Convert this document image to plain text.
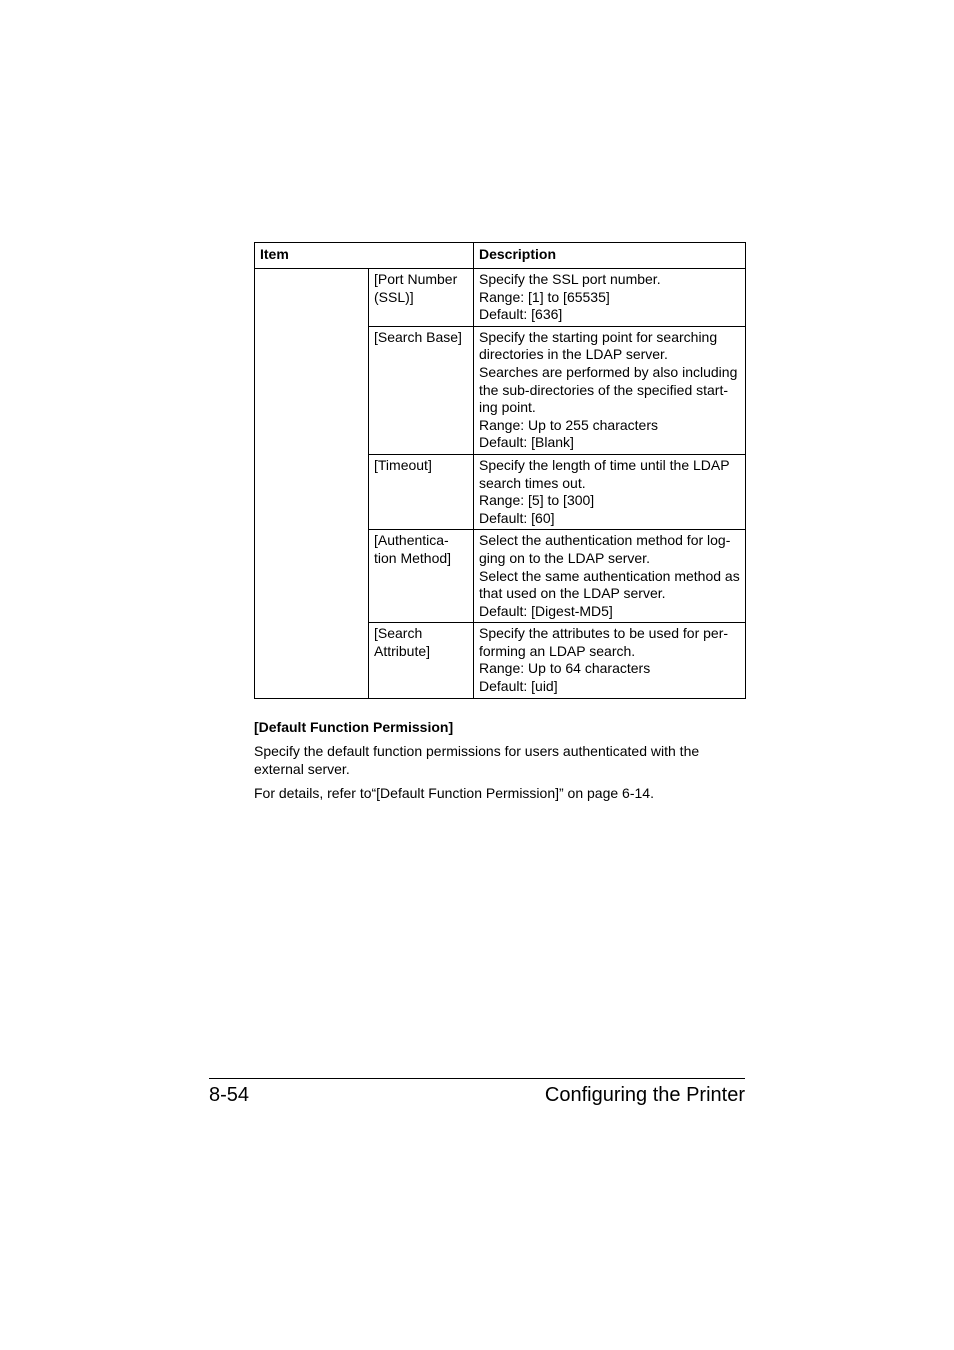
Item		Description
	[Port Number (SSL)]	Specify the SSL port number.
Range: [1] to [65535]
Default: [636]
	[Search Base]	Specify the starting point for searching directories in the LDAP server.
Searches are performed by also including the sub-directories of the specified start-ing point.
Range: Up to 255 characters
Default: [Blank]
	[Timeout]	Specify the length of time until the LDAP search times out.
Range: [5] to [300]
Default: [60]
	[Authentica-
tion Method]	Select the authentication method for log-ging on to the LDAP server.
Select the same authentication method as that used on the LDAP server.
Default: [Digest-MD5]
	[Search
Attribute]	Specify the attributes to be used for per-forming an LDAP search.
Range: Up to 64 characters
Default: [uid]
[Default Function Permission]

Specify the default function permissions for users authenticated with the external server.

For details, refer to“[Default Function Permission]” on page 6-14.

8-54	Configuring the Printer
